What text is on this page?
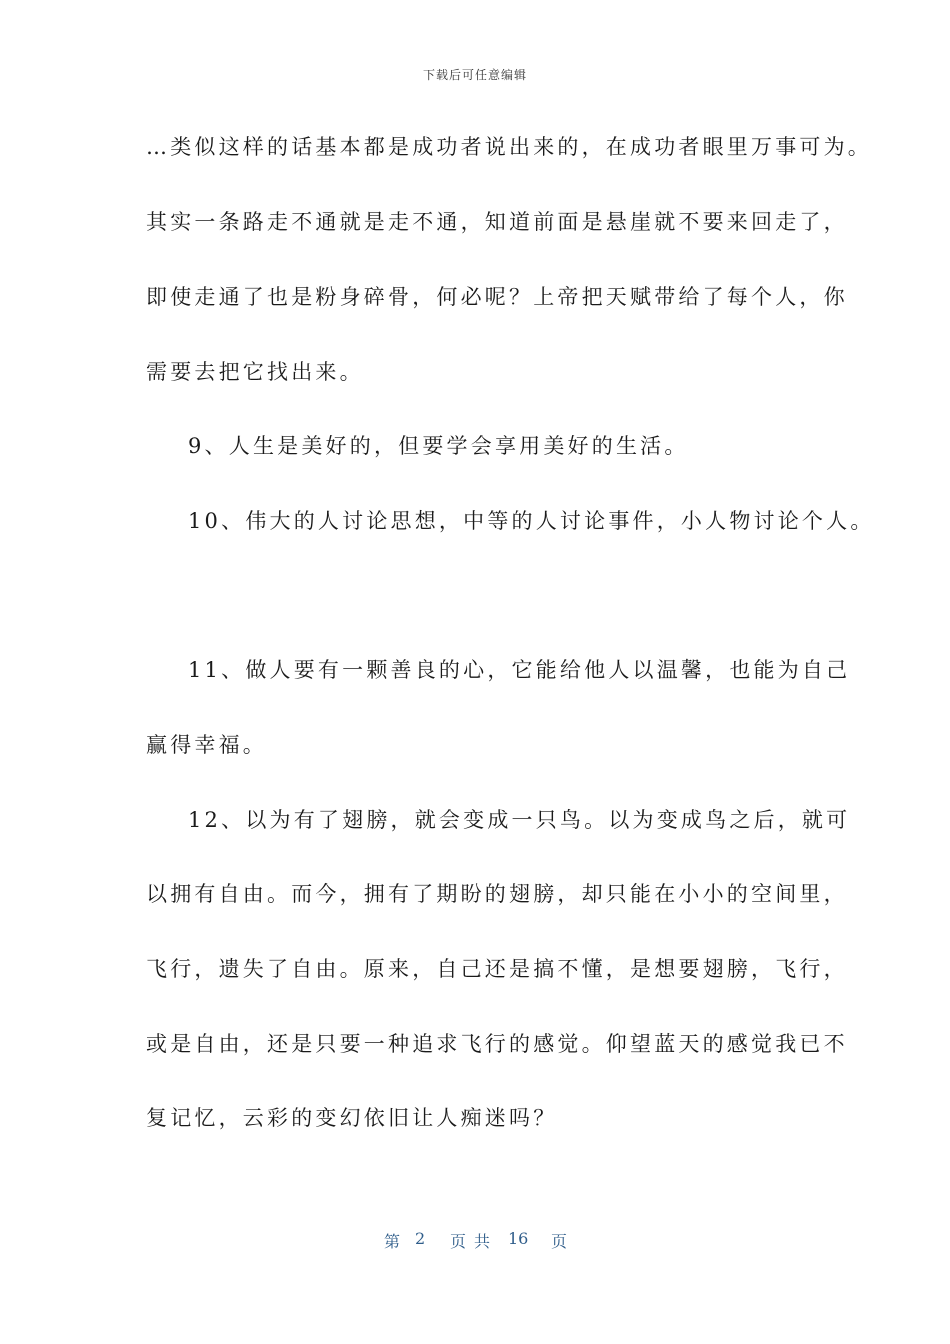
下载后可任意编辑
…类似这样的话基本都是成功者说出来的，在成功者眼里万事可为。
其实一条路走不通就是走不通，知道前面是悬崖就不要来回走了，
即使走通了也是粉身碎骨，何必呢？上帝把天赋带给了每个人，你
需要去把它找出来。
9、人生是美好的，但要学会享用美好的生活。
10、伟大的人讨论思想，中等的人讨论事件，小人物讨论个人。
11、做人要有一颗善良的心，它能给他人以温馨，也能为自己
赢得幸福。
12、以为有了翅膀，就会变成一只鸟。以为变成鸟之后，就可
以拥有自由。而今，拥有了期盼的翅膀，却只能在小小的空间里，
飞行，遗失了自由。原来，自己还是搞不懂，是想要翅膀，飞行，
或是自由，还是只要一种追求飞行的感觉。仰望蓝天的感觉我已不
复记忆，云彩的变幻依旧让人痴迷吗？
第 2 页共 16 页
